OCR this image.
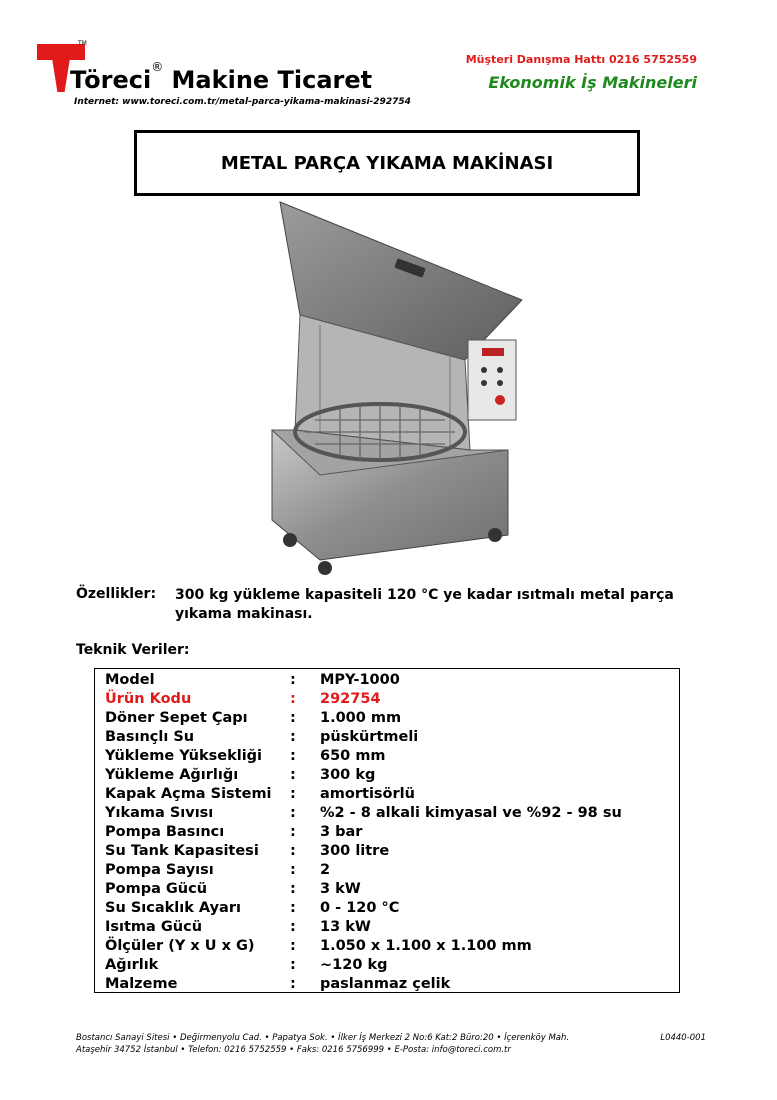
TM
Töreci® Makine Ticaret
Internet: www.toreci.com.tr/metal-parca-yikama-makinasi-292754
Müşteri Danışma Hattı 0216 5752559
Ekonomik İş Makineleri
METAL PARÇA YIKAMA MAKİNASI
Özellikler: 300 kg yükleme kapasiteli 120 °C ye kadar ısıtmalı metal parça yıkama makinası.
Teknik Veriler:
Model	:	MPY-1000
Ürün Kodu	:	292754
Döner Sepet Çapı	:	1.000 mm
Basınçlı Su	:	püskürtmeli
Yükleme Yüksekliği	:	650 mm
Yükleme Ağırlığı	:	300 kg
Kapak Açma Sistemi	:	amortisörlü
Yıkama Sıvısı	:	%2 - 8 alkali kimyasal ve %92 - 98 su
Pompa Basıncı	:	3 bar
Su Tank Kapasitesi	:	300 litre
Pompa Sayısı	:	2
Pompa Gücü	:	3 kW
Su Sıcaklık Ayarı	:	0 - 120 °C
Isıtma Gücü	:	13 kW
Ölçüler (Y x U x G)	:	1.050 x 1.100 x 1.100 mm
Ağırlık	:	~120 kg
Malzeme	:	paslanmaz çelik
Bostancı Sanayi Sitesi • Değirmenyolu Cad. • Papatya Sok. • İlker İş Merkezi 2 No:6 Kat:2 Büro:20 • İçerenköy Mah.
Ataşehir 34752 İstanbul • Telefon: 0216 5752559 • Faks: 0216 5756999 • E-Posta: info@toreci.com.tr
L0440-001
